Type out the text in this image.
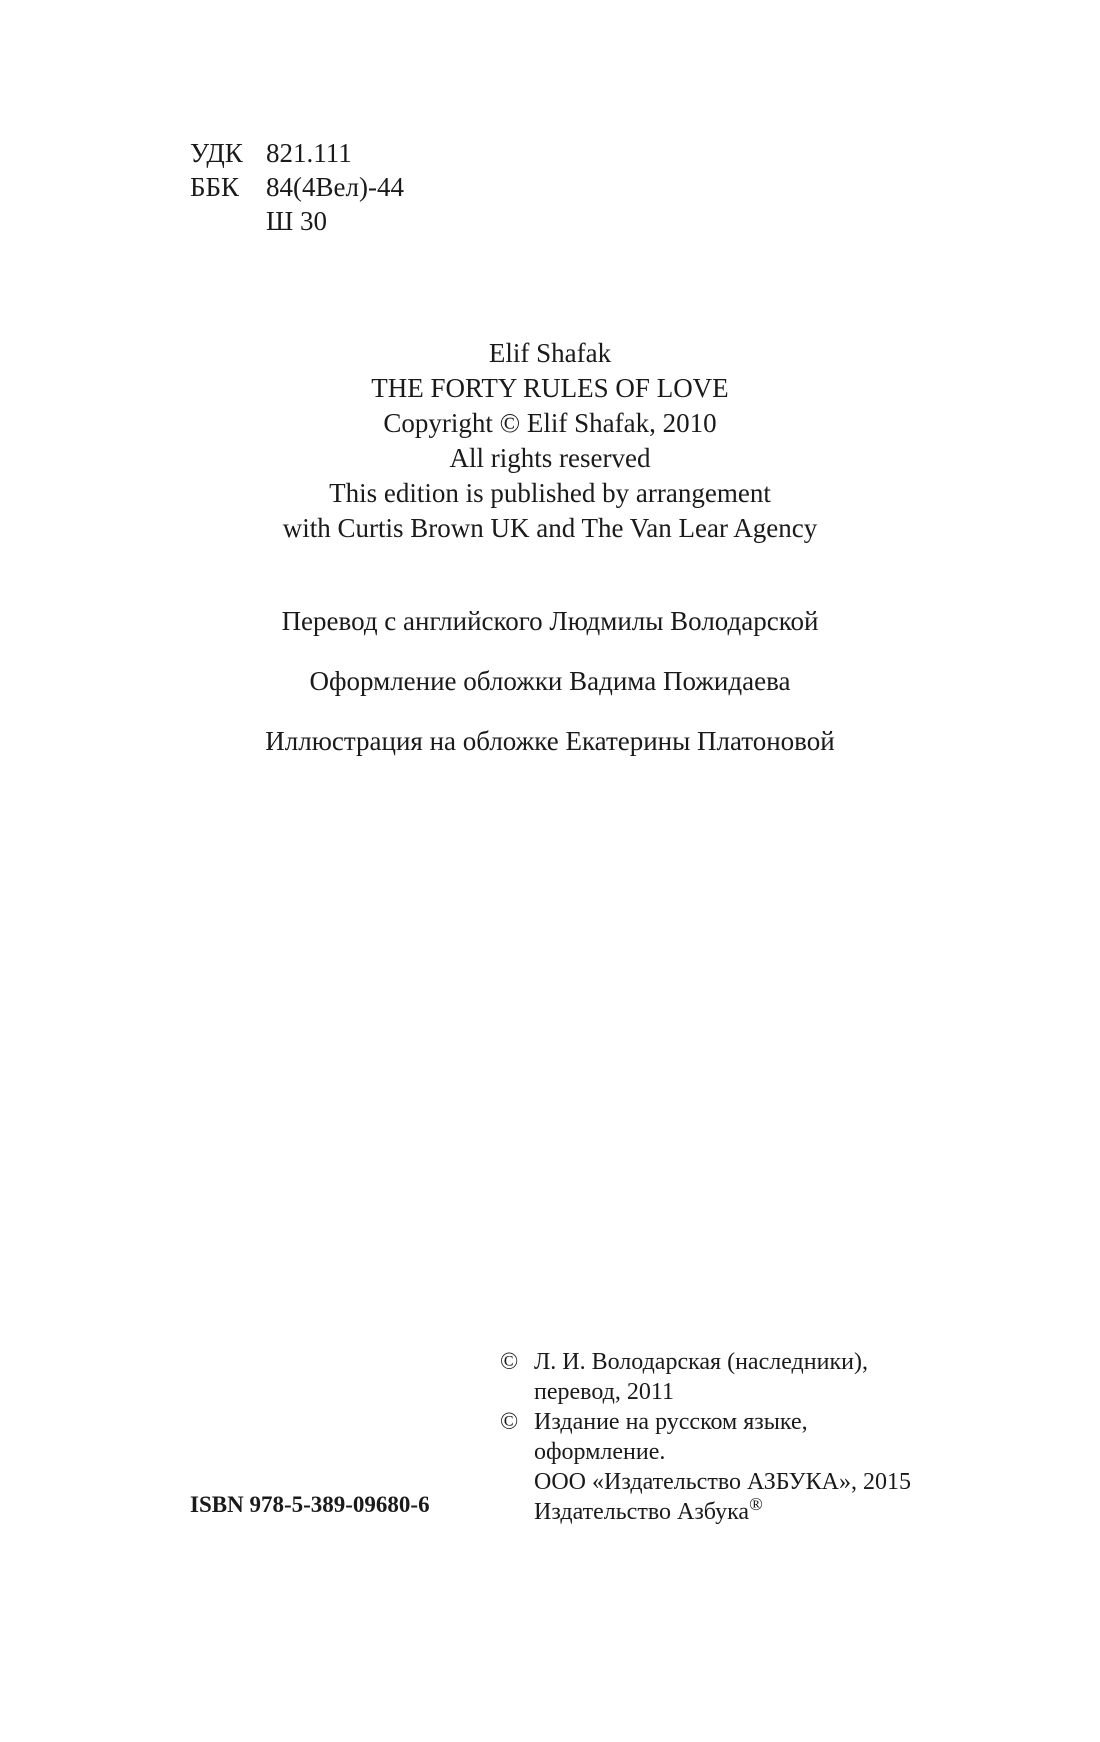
УДК 821.111
ББК 84(4Вел)-44
Ш 30
Elif Shafak
THE FORTY RULES OF LOVE
Copyright © Elif Shafak, 2010
All rights reserved
This edition is published by arrangement
with Curtis Brown UK and The Van Lear Agency
Перевод с английского Людмилы Володарской
Оформление обложки Вадима Пожидаева
Иллюстрация на обложке Екатерины Платоновой
© Л. И. Володарская (наследники),
перевод, 2011
© Издание на русском языке,
оформление.
ООО «Издательство АЗБУКА», 2015
Издательство Азбука®
ISBN 978-5-389-09680-6
